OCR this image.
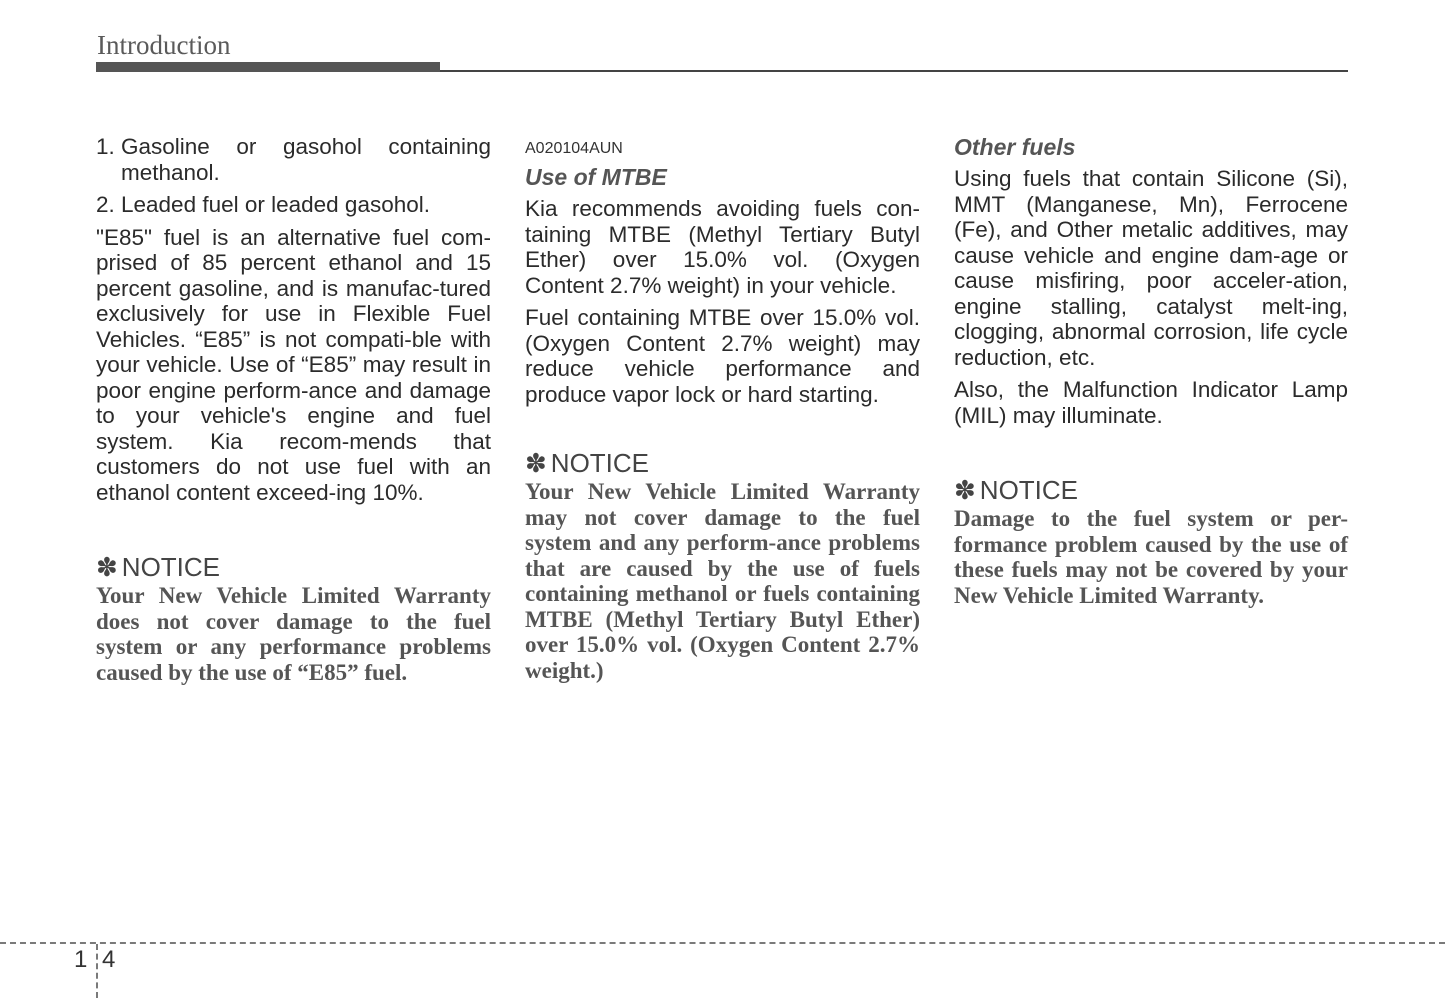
Introduction
1. Gasoline or gasohol containing methanol.
2. Leaded fuel or leaded gasohol.

"E85" fuel is an alternative fuel com-prised of 85 percent ethanol and 15 percent gasoline, and is manufac-tured exclusively for use in Flexible Fuel Vehicles. “E85” is not compati-ble with your vehicle. Use of “E85” may result in poor engine perform-ance and damage to your vehicle's engine and fuel system. Kia recom-mends that customers do not use fuel with an ethanol content exceed-ing 10%.

✽ NOTICE

Your New Vehicle Limited Warranty does not cover damage to the fuel system or any performance problems caused by the use of “E85” fuel.

A020104AUN
Use of MTBE

Kia recommends avoiding fuels con-taining MTBE (Methyl Tertiary Butyl Ether) over 15.0% vol. (Oxygen Content 2.7% weight) in your vehicle.

Fuel containing MTBE over 15.0% vol. (Oxygen Content 2.7% weight) may reduce vehicle performance and produce vapor lock or hard starting.

✽ NOTICE

Your New Vehicle Limited Warranty may not cover damage to the fuel system and any perform-ance problems that are caused by the use of fuels containing methanol or fuels containing MTBE (Methyl Tertiary Butyl Ether) over 15.0% vol. (Oxygen Content 2.7% weight.)

Other fuels

Using fuels that contain Silicone (Si), MMT (Manganese, Mn), Ferrocene (Fe), and Other metalic additives, may cause vehicle and engine dam-age or cause misfiring, poor acceler-ation, engine stalling, catalyst melt-ing, clogging, abnormal corrosion, life cycle reduction, etc.

Also, the Malfunction Indicator Lamp (MIL) may illuminate.

✽ NOTICE

Damage to the fuel system or per-formance problem caused by the use of these fuels may not be covered by your New Vehicle Limited Warranty.

1 4
